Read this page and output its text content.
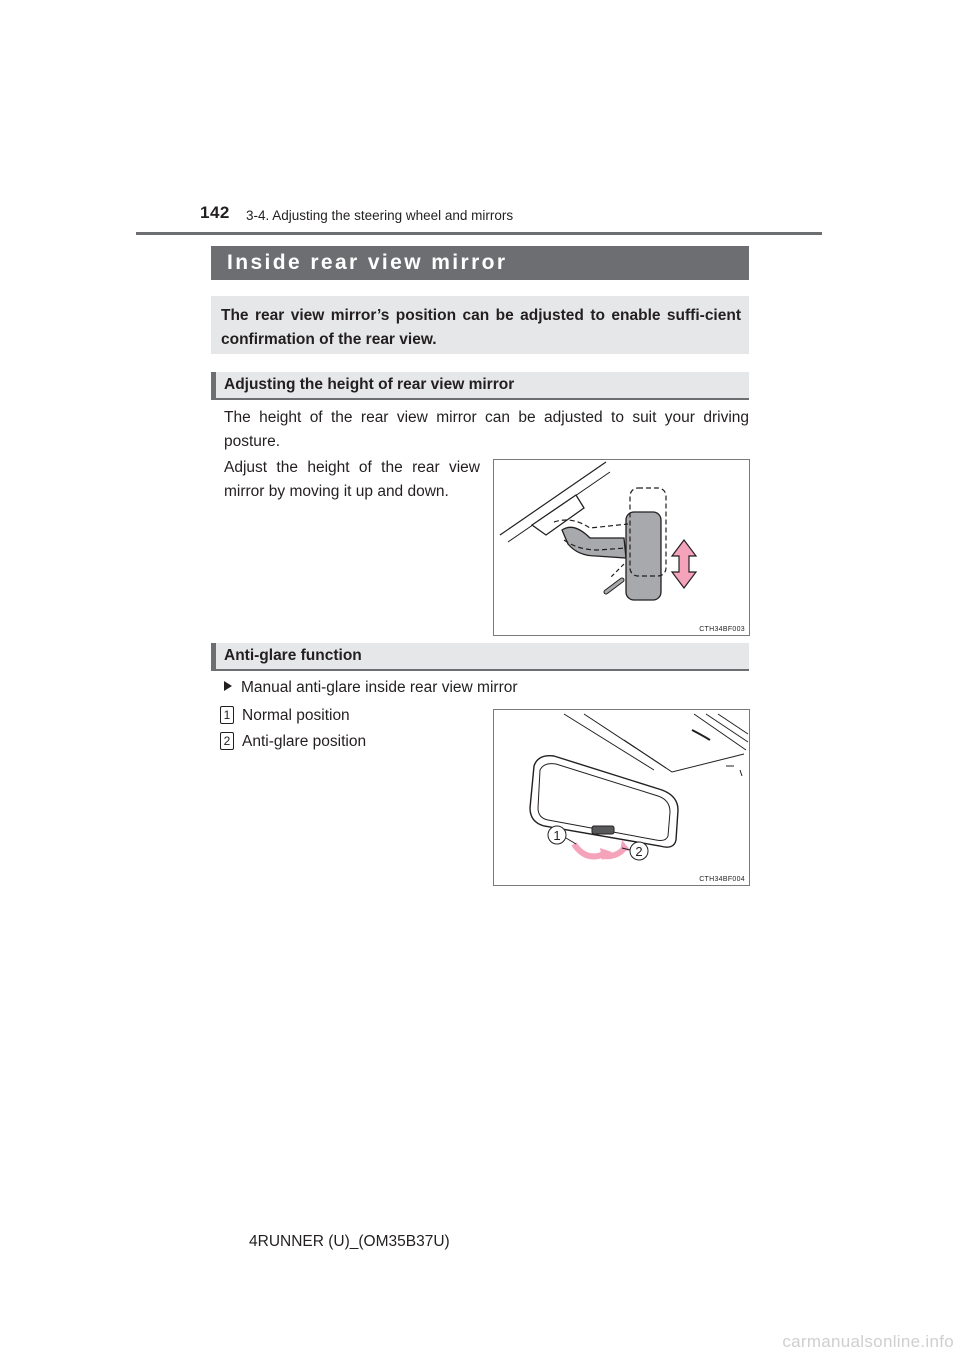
142 3-4. Adjusting the steering wheel and mirrors
Inside rear view mirror
The rear view mirror’s position can be adjusted to enable suffi-cient confirmation of the rear view.
Adjusting the height of rear view mirror
The height of the rear view mirror can be adjusted to suit your driving posture.
Adjust the height of the rear view mirror by moving it up and down.
CTH34BF003
Anti-glare function
Manual anti-glare inside rear view mirror
1 Normal position
2 Anti-glare position
1
2
CTH34BF004
4RUNNER (U)_(OM35B37U)
carmanualsonline.info
